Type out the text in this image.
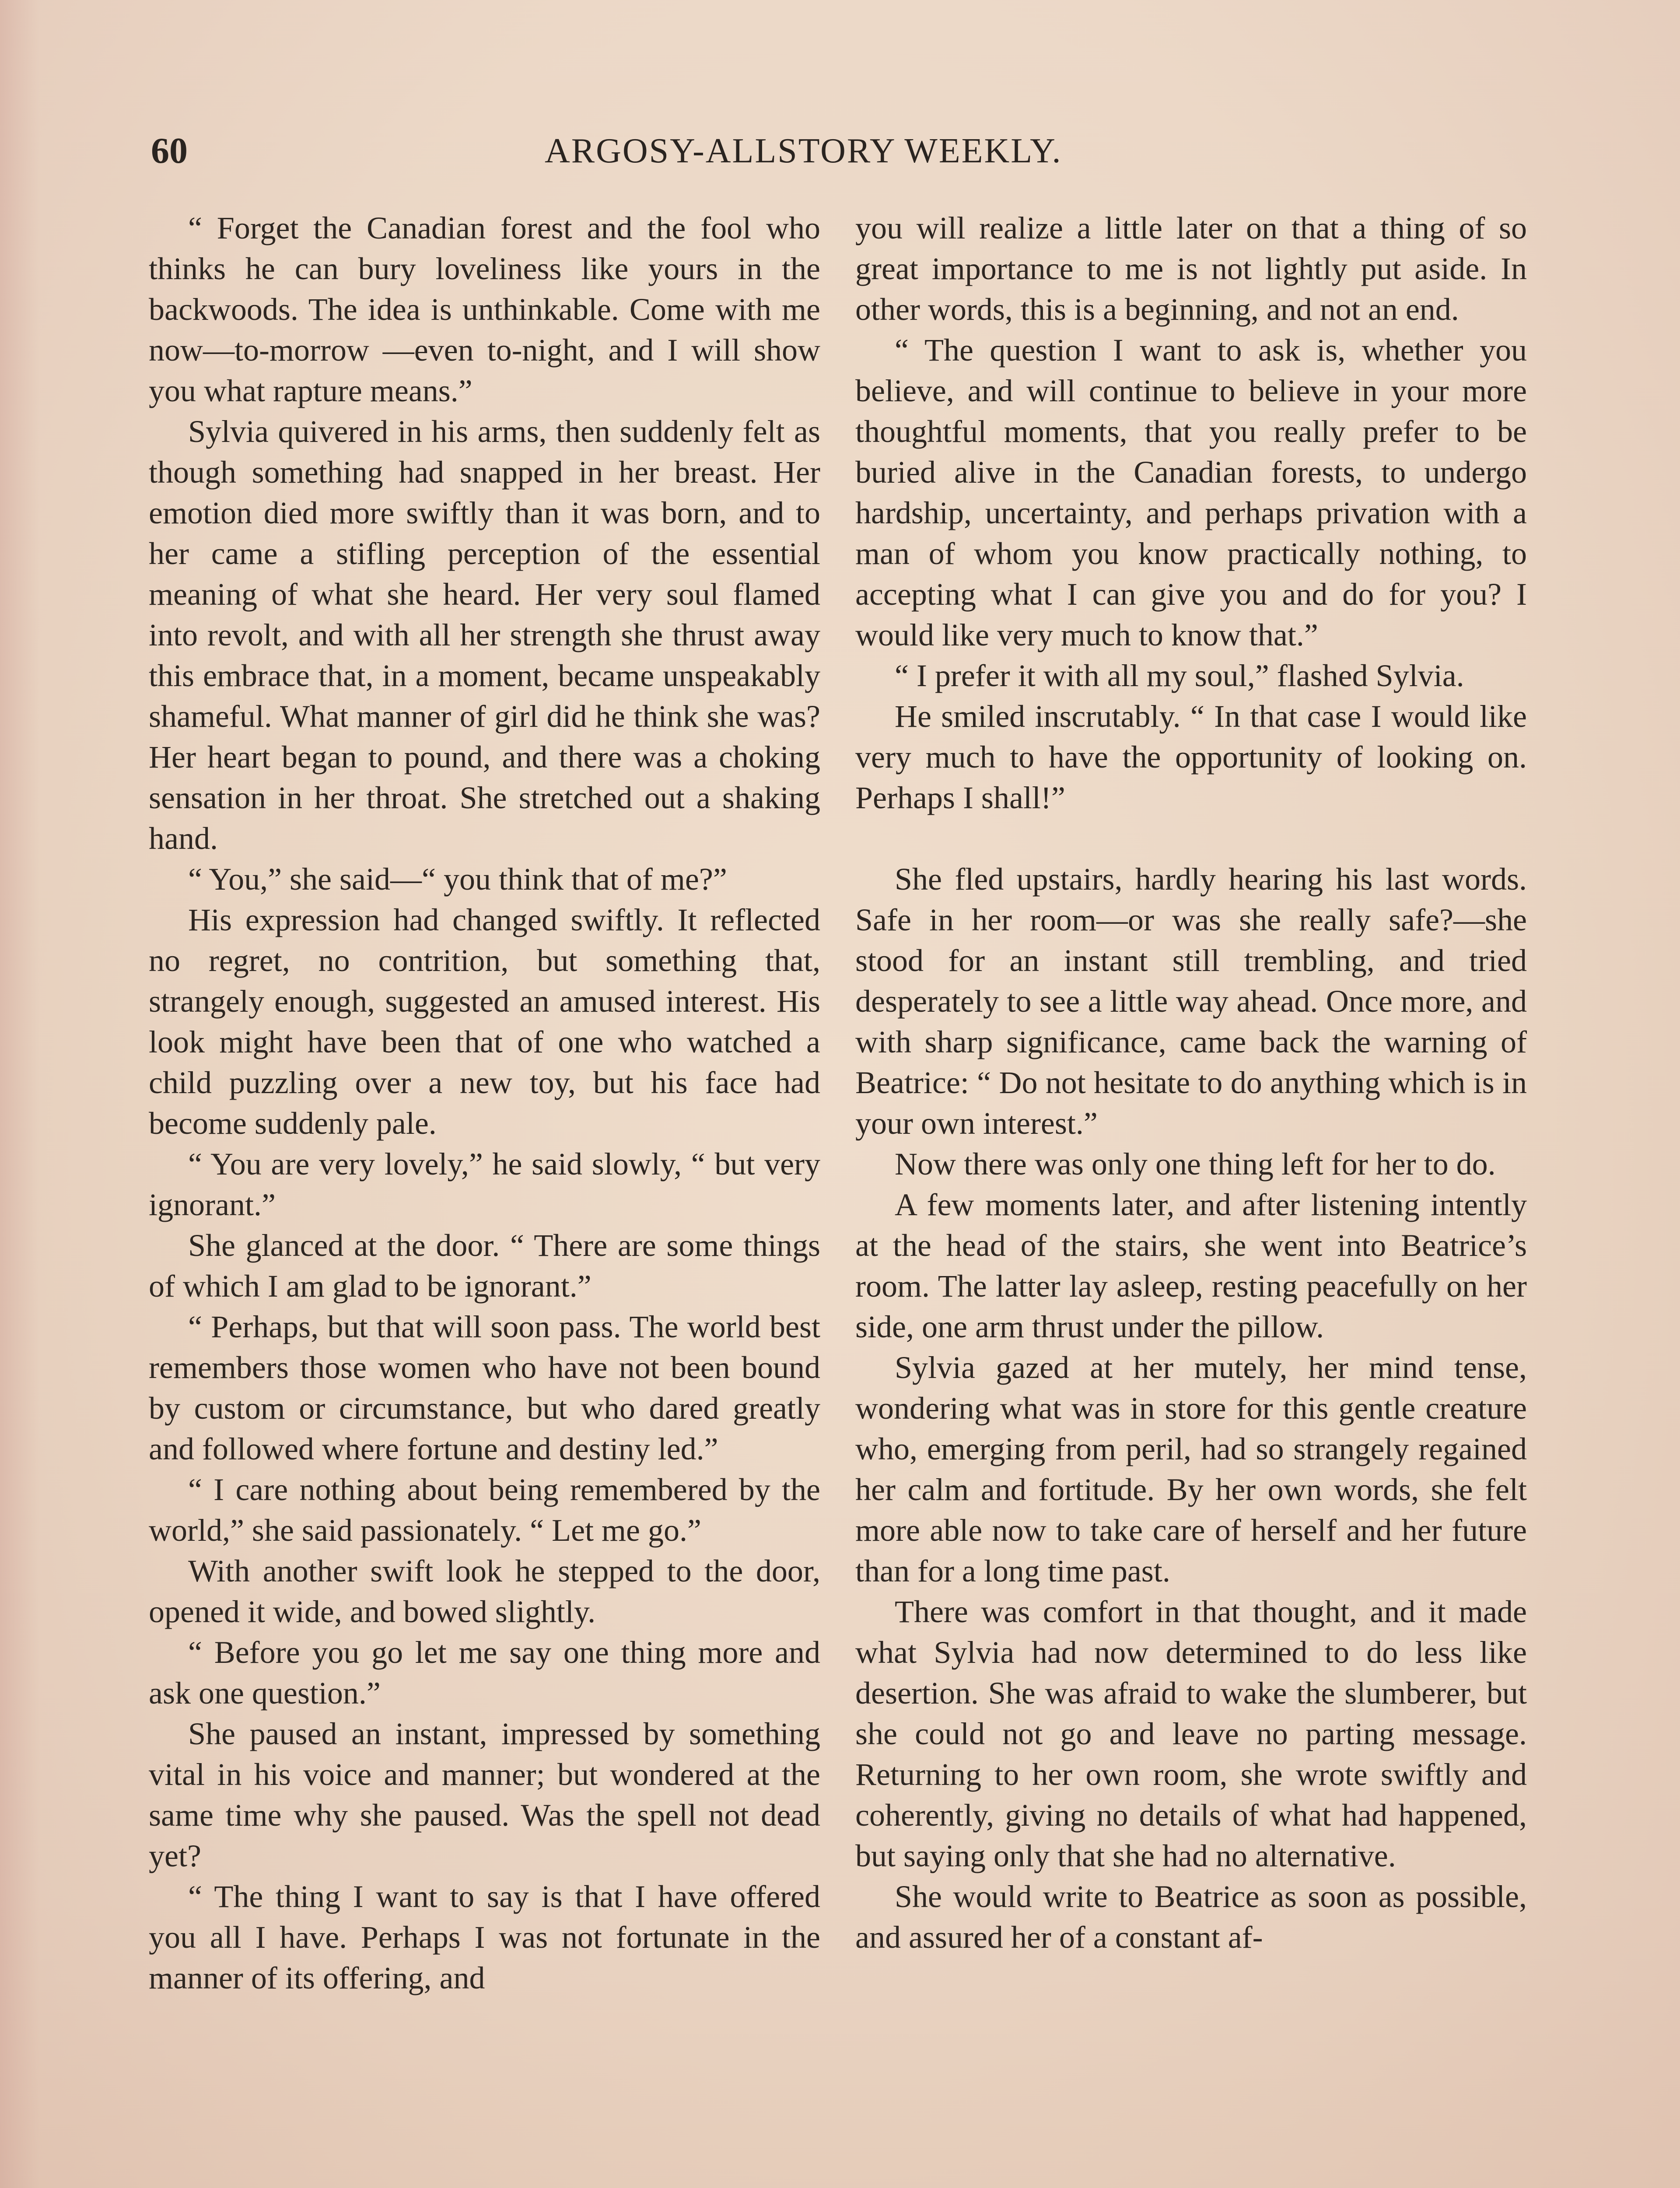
60	ARGOSY-ALLSTORY WEEKLY.

“ Forget the Canadian forest and the fool who thinks he can bury loveliness like yours in the backwoods. The idea is unthinkable. Come with me now—to-morrow —even to-night, and I will show you what rapture means.”

Sylvia quivered in his arms, then suddenly felt as though something had snapped in her breast. Her emotion died more swiftly than it was born, and to her came a stifling perception of the essential meaning of what she heard. Her very soul flamed into revolt, and with all her strength she thrust away this embrace that, in a moment, became unspeakably shameful. What manner of girl did he think she was? Her heart began to pound, and there was a choking sensation in her throat. She stretched out a shaking hand.

“ You,” she said—“ you think that of me?”

His expression had changed swiftly. It reflected no regret, no contrition, but something that, strangely enough, suggested an amused interest. His look might have been that of one who watched a child puzzling over a new toy, but his face had become suddenly pale.

“ You are very lovely,” he said slowly, “ but very ignorant.”

She glanced at the door. “ There are some things of which I am glad to be ignorant.”

“ Perhaps, but that will soon pass. The world best remembers those women who have not been bound by custom or circumstance, but who dared greatly and followed where fortune and destiny led.”

“ I care nothing about being remembered by the world,” she said passionately. “ Let me go.”

With another swift look he stepped to the door, opened it wide, and bowed slightly.

“ Before you go let me say one thing more and ask one question.”

She paused an instant, impressed by something vital in his voice and manner; but wondered at the same time why she paused. Was the spell not dead yet?

“ The thing I want to say is that I have offered you all I have. Perhaps I was not fortunate in the manner of its offering, and

you will realize a little later on that a thing of so great importance to me is not lightly put aside. In other words, this is a beginning, and not an end.

“ The question I want to ask is, whether you believe, and will continue to believe in your more thoughtful moments, that you really prefer to be buried alive in the Canadian forests, to undergo hardship, uncertainty, and perhaps privation with a man of whom you know practically nothing, to accepting what I can give you and do for you? I would like very much to know that.”

“ I prefer it with all my soul,” flashed Sylvia.

He smiled inscrutably. “ In that case I would like very much to have the opportunity of looking on. Perhaps I shall!”

She fled upstairs, hardly hearing his last words. Safe in her room—or was she really safe?—she stood for an instant still trembling, and tried desperately to see a little way ahead. Once more, and with sharp significance, came back the warning of Beatrice: “ Do not hesitate to do anything which is in your own interest.”

Now there was only one thing left for her to do.

A few moments later, and after listening intently at the head of the stairs, she went into Beatrice’s room. The latter lay asleep, resting peacefully on her side, one arm thrust under the pillow.

Sylvia gazed at her mutely, her mind tense, wondering what was in store for this gentle creature who, emerging from peril, had so strangely regained her calm and fortitude. By her own words, she felt more able now to take care of herself and her future than for a long time past.

There was comfort in that thought, and it made what Sylvia had now determined to do less like desertion. She was afraid to wake the slumberer, but she could not go and leave no parting message. Returning to her own room, she wrote swiftly and coherently, giving no details of what had happened, but saying only that she had no alternative.

She would write to Beatrice as soon as possible, and assured her of a constant af-
